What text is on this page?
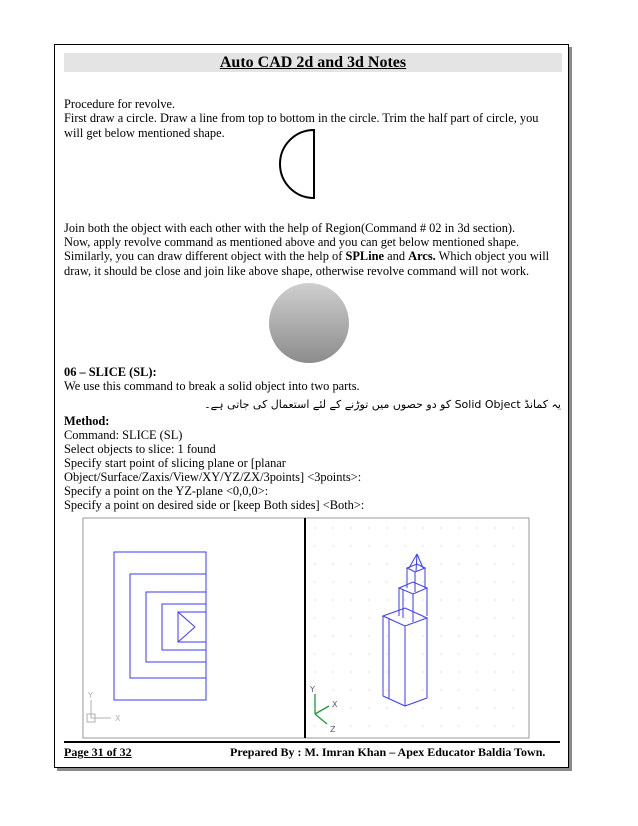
Auto CAD 2d and 3d Notes
Procedure for revolve.
First draw a circle. Draw a line from top to bottom in the circle. Trim the half part of circle, you will get below mentioned shape.
Join both the object with each other with the help of Region(Command # 02 in 3d section).
Now, apply revolve command as mentioned above and you can get below mentioned shape.
Similarly, you can draw different object with the help of SPLine and Arcs. Which object you will draw, it should be close and join like above shape, otherwise revolve command will not work.
06 – SLICE (SL):
We use this command to break a solid object into two parts.
یہ کمانڈ Solid Object کو دو حصوں میں توڑنے کے لئے استعمال کی جاتی ہے۔
Method:
Command: SLICE (SL)
Select objects to slice: 1 found
Specify start point of slicing plane or [planar
Object/Surface/Zaxis/View/XY/YZ/ZX/3points] <3points>:
Specify a point on the YZ-plane <0,0,0>:
Specify a point on desired side or [keep Both sides] <Both>:
Y
X
Y
X
Z
Page 31 of 32	Prepared By : M. Imran Khan – Apex Educator Baldia Town.
